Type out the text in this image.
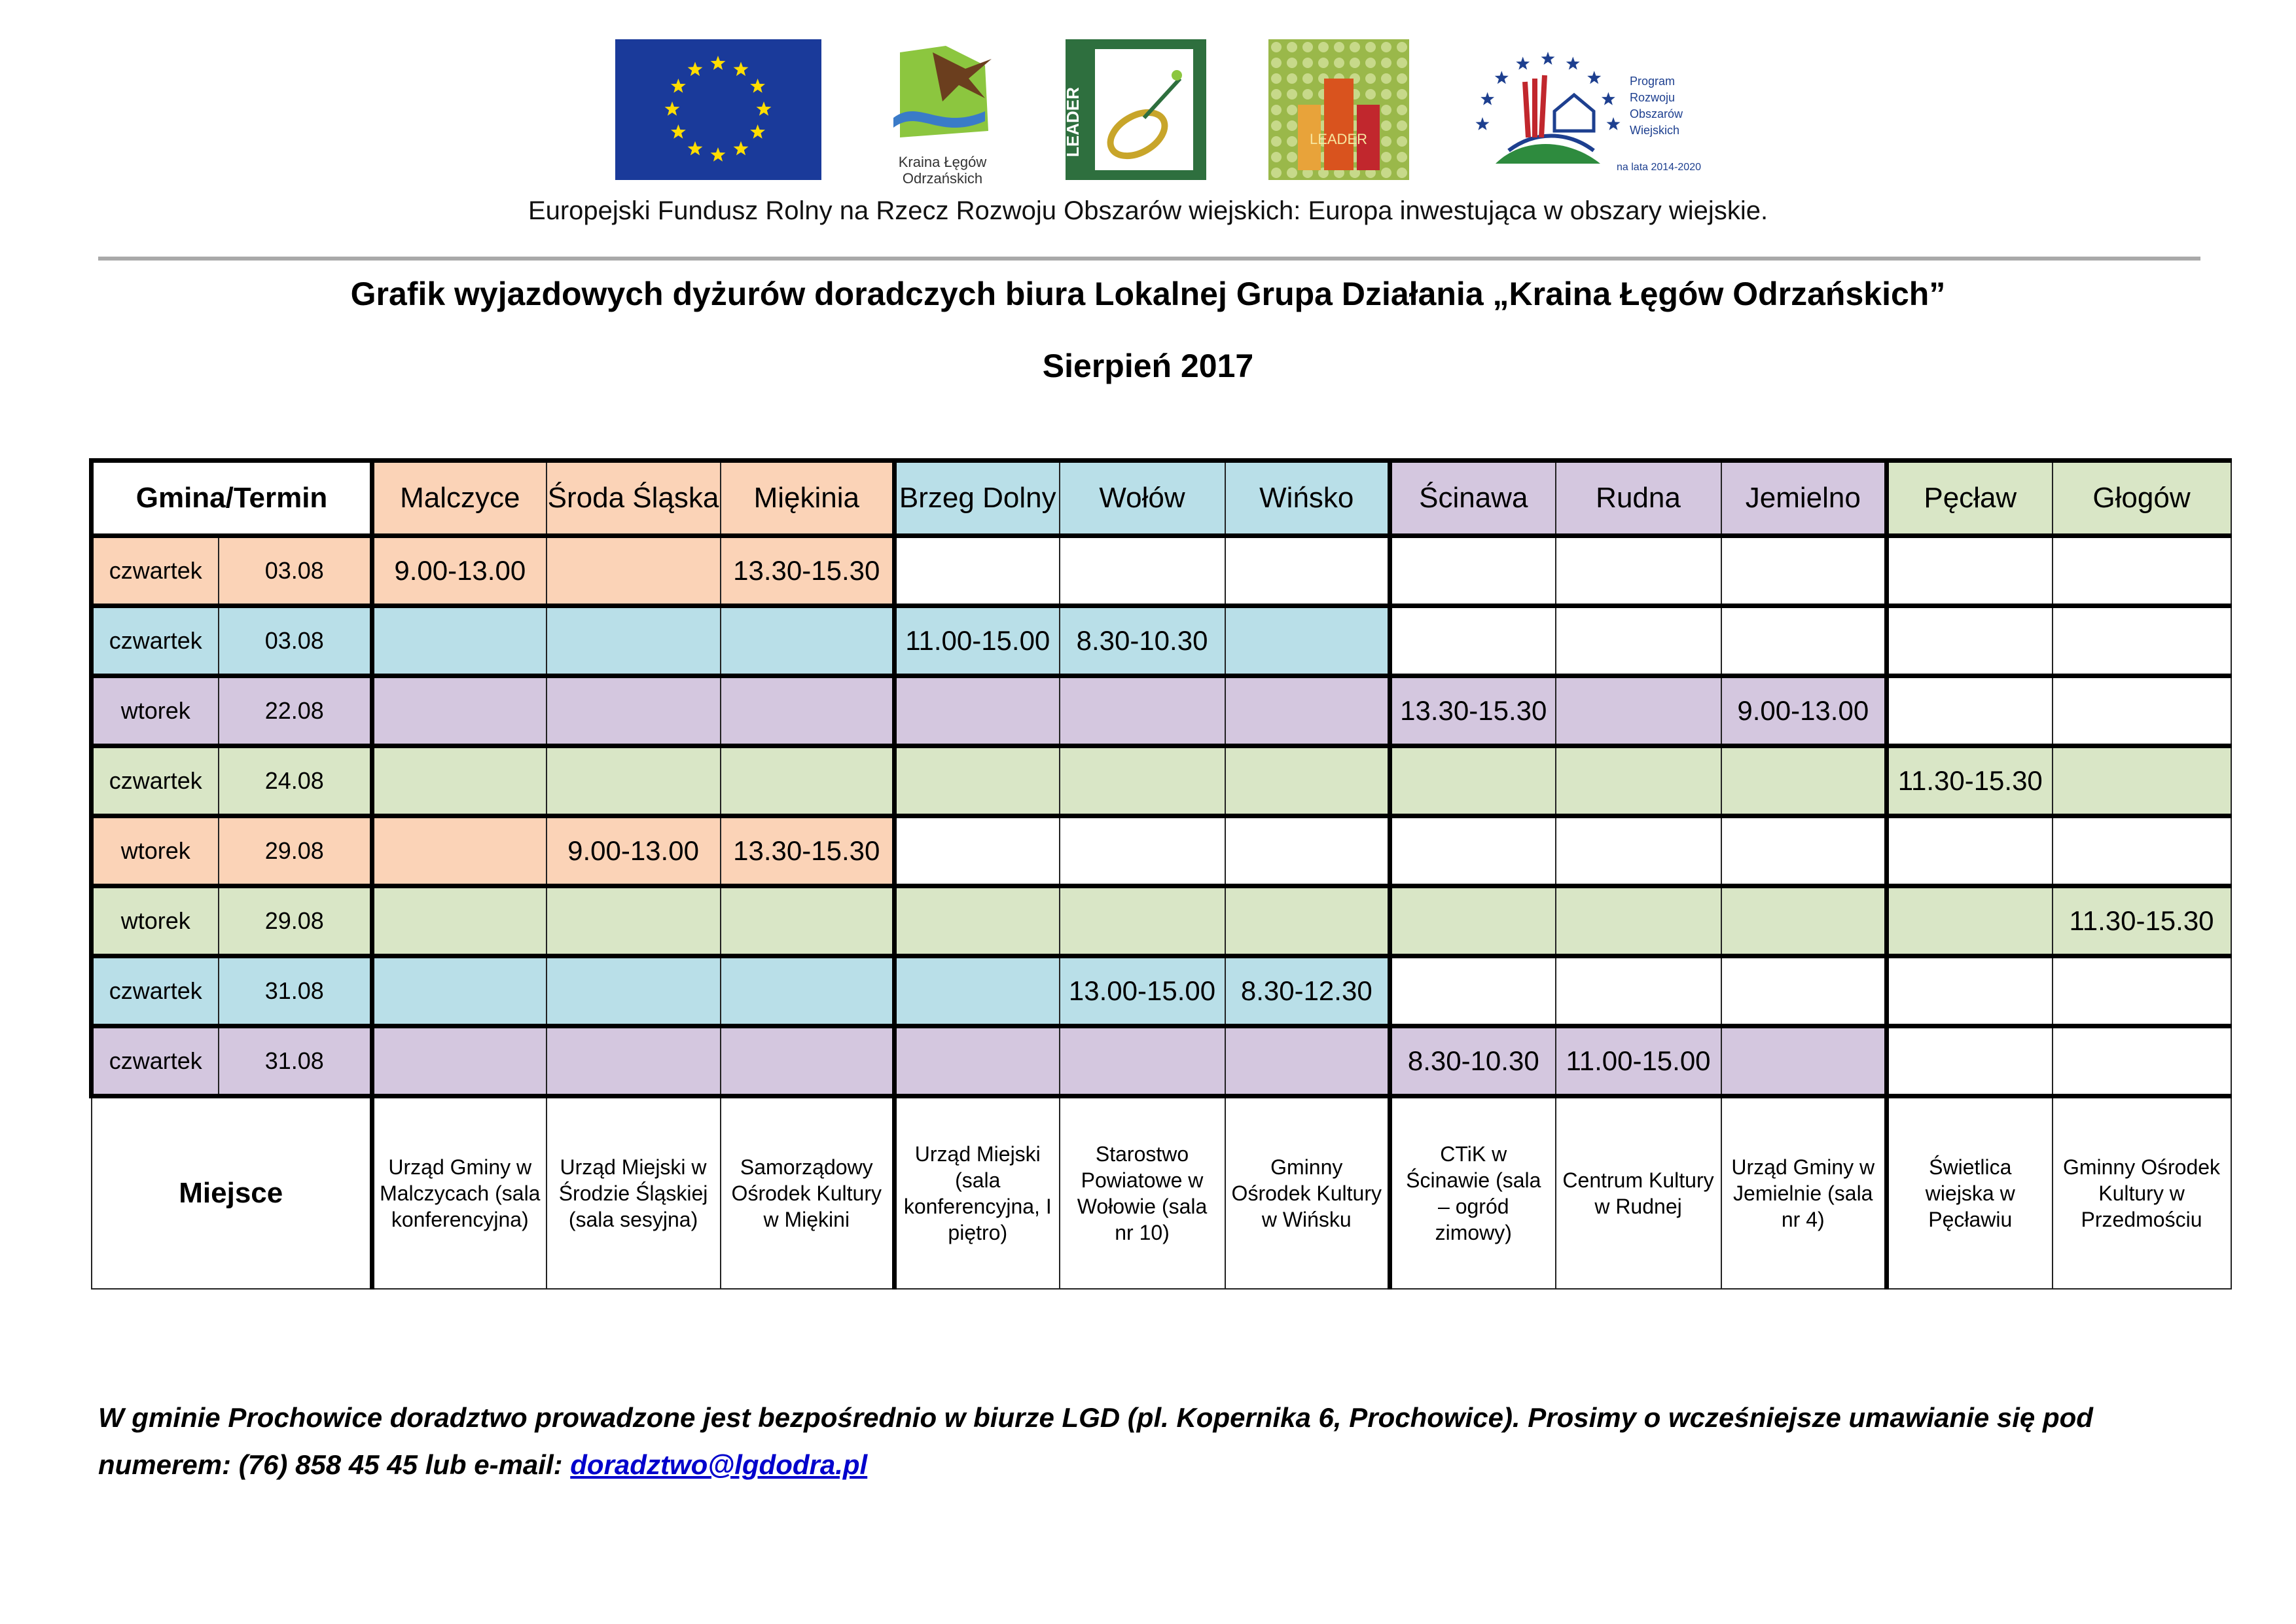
Kraina Łęgów
Odrzańskich
LEADER	LEADER
Program
Rozwoju
Obszarów
Wiejskich
na lata 2014-2020
Europejski Fundusz Rolny na Rzecz Rozwoju Obszarów wiejskich: Europa inwestująca w obszary wiejskie.
Grafik wyjazdowych dyżurów doradczych biura Lokalnej Grupa Działania „Kraina Łęgów Odrzańskich”
Sierpień 2017
Gmina/Termin		Malczyce	Środa Śląska	Miękinia	Brzeg Dolny	Wołów	Wińsko	Ścinawa	Rudna	Jemielno	Pęcław	Głogów
czwartek	03.08	9.00-13.00		13.30-15.30								
czwartek	03.08				11.00-15.00	8.30-10.30						
wtorek	22.08							13.30-15.30		9.00-13.00		
czwartek	24.08										11.30-15.30	
wtorek	29.08		9.00-13.00	13.30-15.30								
wtorek	29.08											11.30-15.30
czwartek	31.08					13.00-15.00	8.30-12.30					
czwartek	31.08							8.30-10.30	11.00-15.00			
Miejsce		Urząd Gminy w Malczycach (sala konferencyjna)	Urząd Miejski w Środzie Śląskiej (sala sesyjna)	Samorządowy Ośrodek Kultury w Miękini	Urząd Miejski (sala konferencyjna, I piętro)	Starostwo Powiatowe w Wołowie (sala nr 10)	Gminny Ośrodek Kultury w Wińsku	CTiK w Ścinawie (sala – ogród zimowy)	Centrum Kultury w Rudnej	Urząd Gminy w Jemielnie (sala nr 4)	Świetlica wiejska w Pęcławiu	Gminny Ośrodek Kultury w Przedmościu
W gminie Prochowice doradztwo prowadzone jest bezpośrednio w biurze LGD (pl. Kopernika 6, Prochowice). Prosimy o wcześniejsze umawianie się pod numerem: (76) 858 45 45 lub e-mail: doradztwo@lgdodra.pl
